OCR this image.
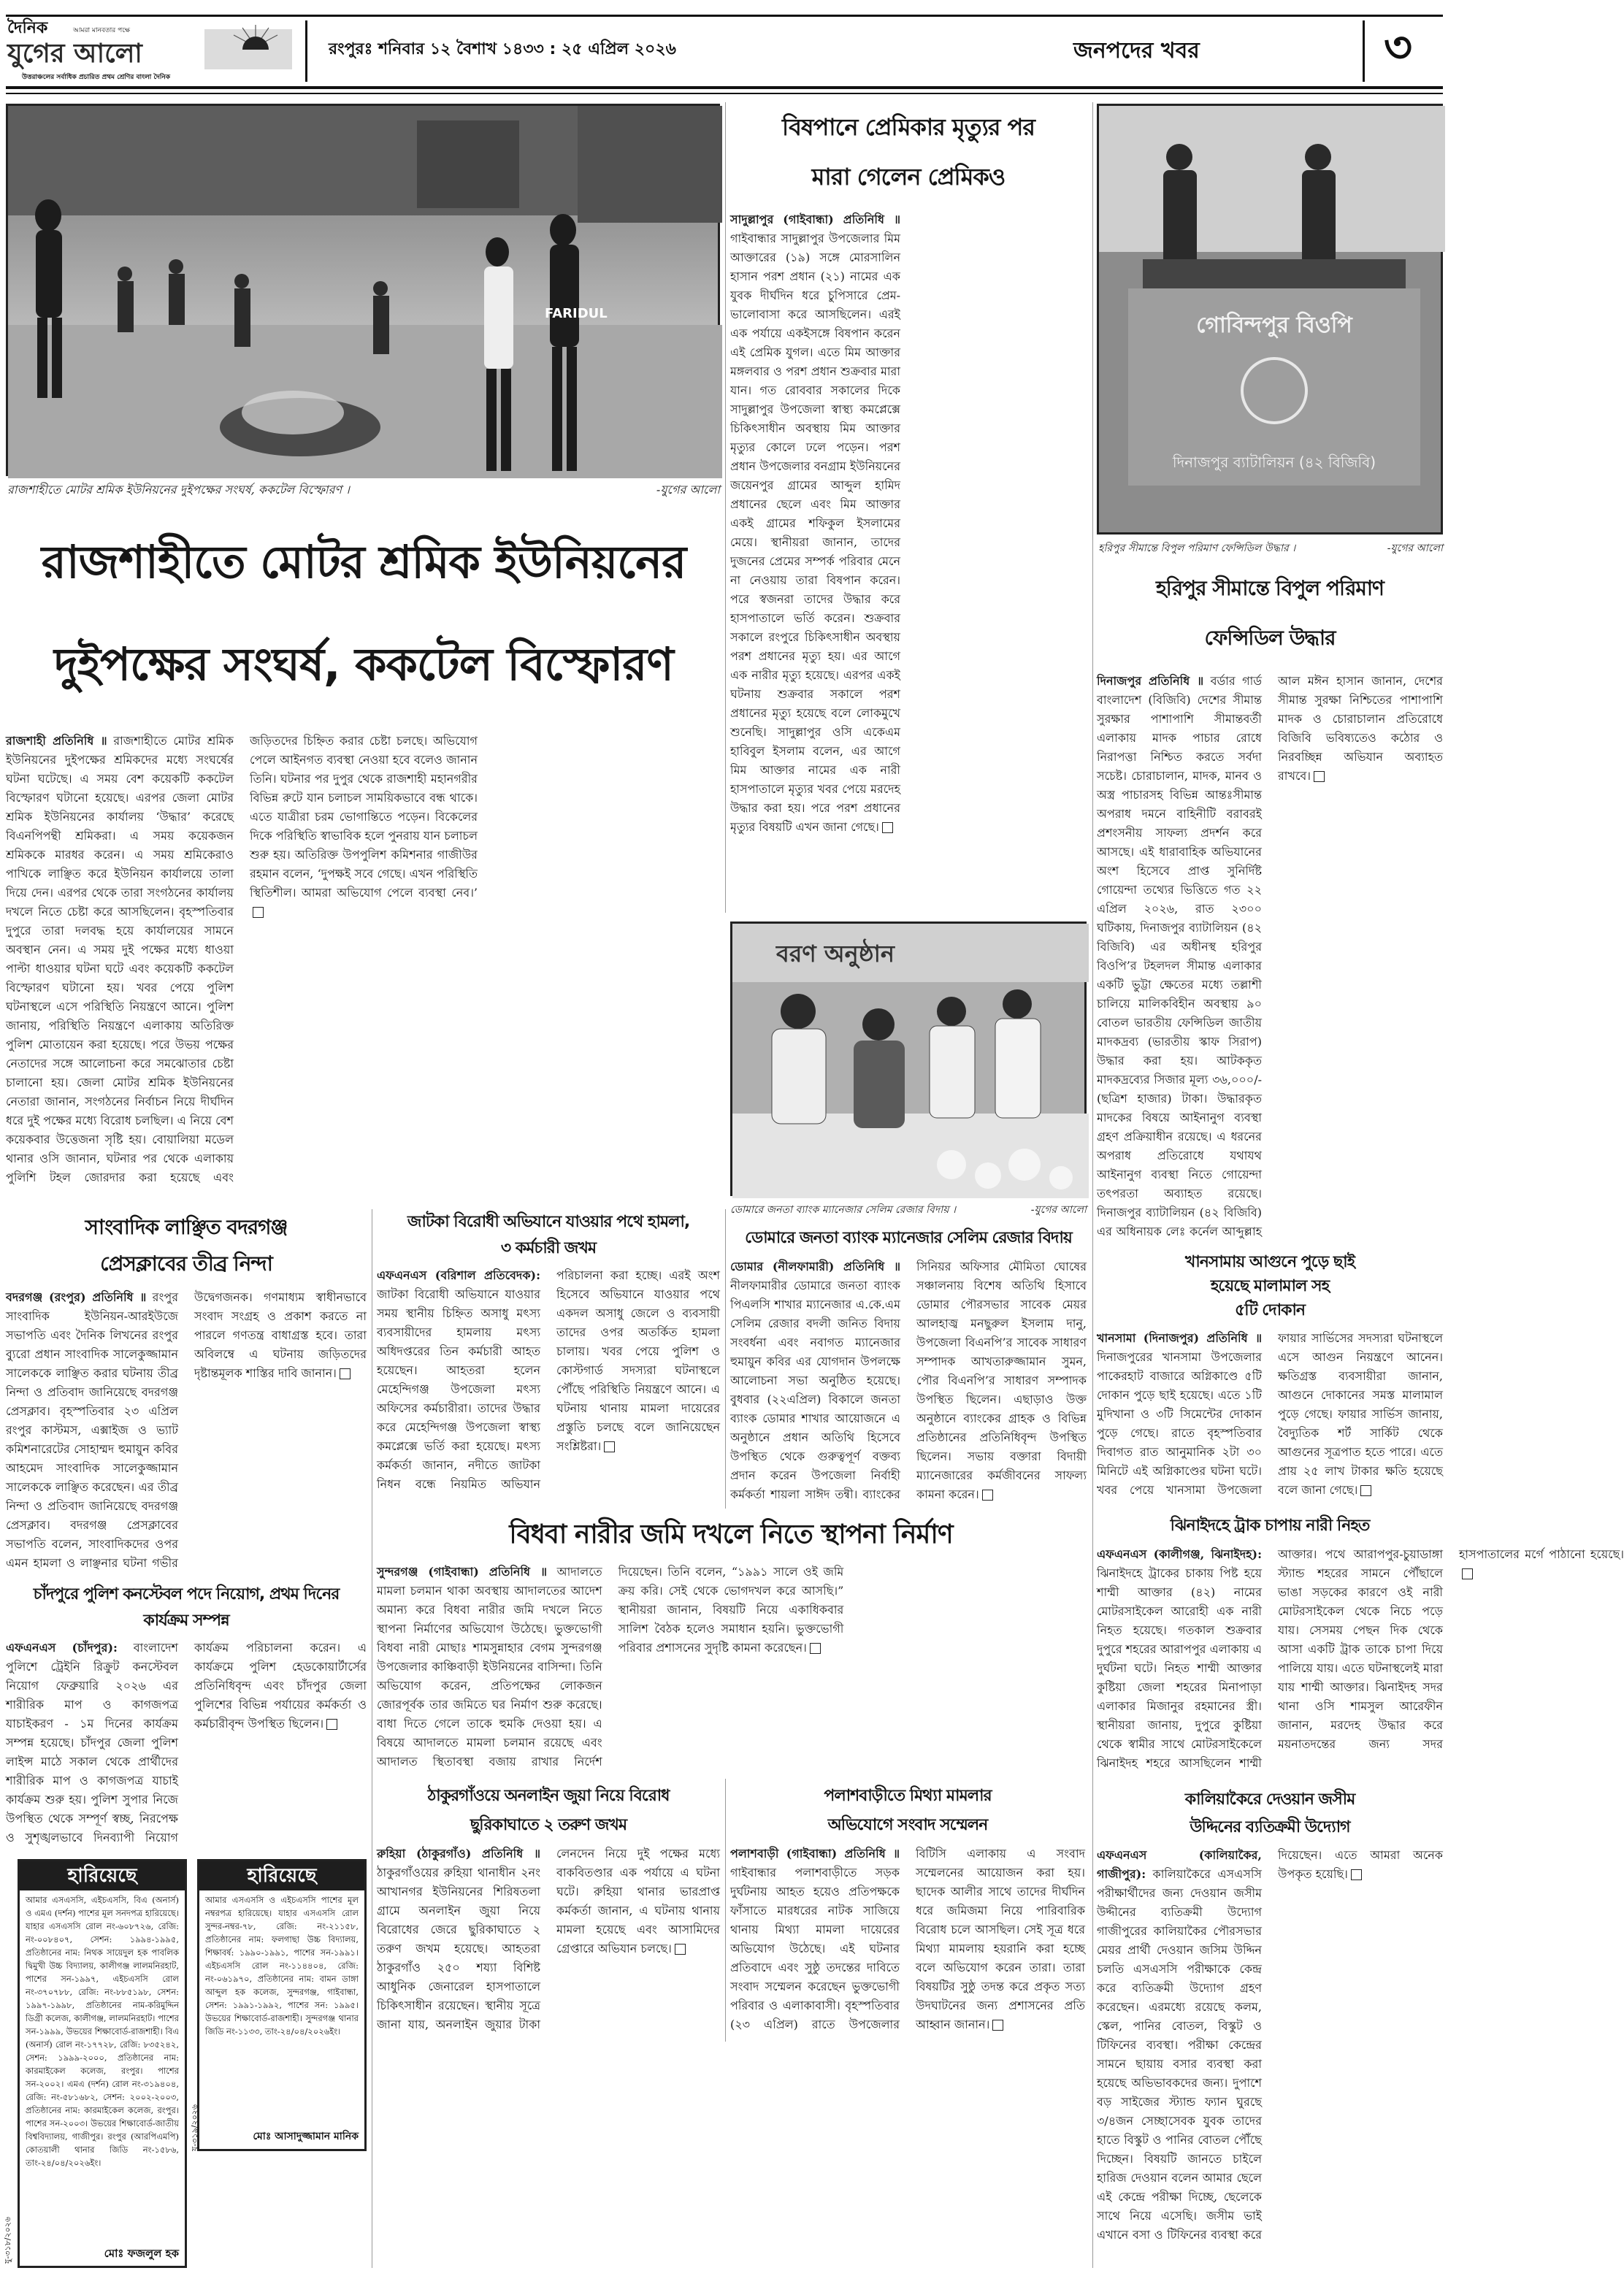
দৈনিক	আমরা মানবতার পক্ষে
যুগের আলো
উত্তরাঞ্চলের সর্বাধিক প্রচারিত প্রথম শ্রেণির বাংলা দৈনিক
রংপুরঃ শনিবার ১২ বৈশাখ ১৪৩৩ : ২৫ এপ্রিল ২০২৬	জনপদের খবর	৩
FARIDUL
রাজশাহীতে মোটর শ্রমিক ইউনিয়নের দুইপক্ষের সংঘর্ষ, ককটেল বিস্ফোরণ ।	-যুগের আলো
রাজশাহীতে মোটর শ্রমিক ইউনিয়নের
দুইপক্ষের সংঘর্ষ, ককটেল বিস্ফোরণ
রাজশাহী প্রতিনিধি ॥ রাজশাহীতে মোটর শ্রমিক ইউনিয়নের দুইপক্ষের শ্রমিকদের মধ্যে সংঘর্ষের ঘটনা ঘটেছে। এ সময় বেশ কয়েকটি ককটেল বিস্ফোরণ ঘটানো হয়েছে। এরপর জেলা মোটর শ্রমিক ইউনিয়নের কার্যালয় ‘উদ্ধার’ করেছে বিএনপিপন্থী শ্রমিকরা। এ সময় কয়েকজন শ্রমিককে মারধর করেন। এ সময় শ্রমিকেরাও পাখিকে লাঞ্ছিত করে ইউনিয়ন কার্যালয়ে তালা দিয়ে দেন। এরপর থেকে তারা সংগঠনের কার্যালয় দখলে নিতে চেষ্টা করে আসছিলেন। বৃহস্পতিবার দুপুরে তারা দলবদ্ধ হয়ে কার্যালয়ের সামনে অবস্থান নেন। এ সময় দুই পক্ষের মধ্যে ধাওয়া পাল্টা ধাওয়ার ঘটনা ঘটে এবং কয়েকটি ককটেল বিস্ফোরণ ঘটানো হয়। খবর পেয়ে পুলিশ ঘটনাস্থলে এসে পরিস্থিতি নিয়ন্ত্রণে আনে। পুলিশ জানায়, পরিস্থিতি নিয়ন্ত্রণে এলাকায় অতিরিক্ত পুলিশ মোতায়েন করা হয়েছে। পরে উভয় পক্ষের নেতাদের সঙ্গে আলোচনা করে সমঝোতার চেষ্টা চালানো হয়। জেলা মোটর শ্রমিক ইউনিয়নের নেতারা জানান, সংগঠনের নির্বাচন নিয়ে দীর্ঘদিন ধরে দুই পক্ষের মধ্যে বিরোধ চলছিল। এ নিয়ে বেশ কয়েকবার উত্তেজনা সৃষ্টি হয়। বোয়ালিয়া মডেল থানার ওসি জানান, ঘটনার পর থেকে এলাকায় পুলিশি টহল জোরদার করা হয়েছে এবং জড়িতদের চিহ্নিত করার চেষ্টা চলছে। অভিযোগ পেলে আইনগত ব্যবস্থা নেওয়া হবে বলেও জানান তিনি। ঘটনার পর দুপুর থেকে রাজশাহী মহানগরীর বিভিন্ন রুটে যান চলাচল সাময়িকভাবে বন্ধ থাকে। এতে যাত্রীরা চরম ভোগান্তিতে পড়েন। বিকেলের দিকে পরিস্থিতি স্বাভাবিক হলে পুনরায় যান চলাচল শুরু হয়। অতিরিক্ত উপপুলিশ কমিশনার গাজীউর রহমান বলেন, ‘দুপক্ষই সবে গেছে। এখন পরিস্থিতি স্থিতিশীল। আমরা অভিযোগ পেলে ব্যবস্থা নেব।’
বিষপানে প্রেমিকার মৃত্যুর পর
মারা গেলেন প্রেমিকও
সাদুল্লাপুর (গাইবান্ধা) প্রতিনিধি ॥ গাইবান্ধার সাদুল্লাপুর উপজেলার মিম আক্তারের (১৯) সঙ্গে মোরসালিন হাসান পরশ প্রধান (২১) নামের এক যুবক দীর্ঘদিন ধরে চুপিসারে প্রেম-ভালোবাসা করে আসছিলেন। এরই এক পর্যায়ে একইসঙ্গে বিষপান করেন এই প্রেমিক যুগল। এতে মিম আক্তার মঙ্গলবার ও পরশ প্রধান শুক্রবার মারা যান। গত রোববার সকালের দিকে সাদুল্লাপুর উপজেলা স্বাস্থ্য কমপ্লেক্সে চিকিৎসাধীন অবস্থায় মিম আক্তার মৃত্যুর কোলে ঢলে পড়েন। পরশ প্রধান উপজেলার বনগ্রাম ইউনিয়নের জয়েনপুর গ্রামের আব্দুল হামিদ প্রধানের ছেলে এবং মিম আক্তার একই গ্রামের শফিকুল ইসলামের মেয়ে। স্থানীয়রা জানান, তাদের দুজনের প্রেমের সম্পর্ক পরিবার মেনে না নেওয়ায় তারা বিষপান করেন। পরে স্বজনরা তাদের উদ্ধার করে হাসপাতালে ভর্তি করেন। শুক্রবার সকালে রংপুরে চিকিৎসাধীন অবস্থায় পরশ প্রধানের মৃত্যু হয়। এর আগে এক নারীর মৃত্যু হয়েছে। এরপর একই ঘটনায় শুক্রবার সকালে পরশ প্রধানের মৃত্যু হয়েছে বলে লোকমুখে শুনেছি। সাদুল্লাপুর ওসি একেএম হাবিবুল ইসলাম বলেন, এর আগে মিম আক্তার নামের এক নারী হাসপাতালে মৃত্যুর খবর পেয়ে মরদেহ উদ্ধার করা হয়। পরে পরশ প্রধানের মৃত্যুর বিষয়টি এখন জানা গেছে।
গোবিন্দপুর বিওপি
দিনাজপুর ব্যাটালিয়ন (৪২ বিজিবি)
হরিপুর সীমান্তে বিপুল পরিমাণ ফেন্সিডিল উদ্ধার ।	-যুগের আলো
হরিপুর সীমান্তে বিপুল পরিমাণ
ফেন্সিডিল উদ্ধার
দিনাজপুর প্রতিনিধি ॥ বর্ডার গার্ড বাংলাদেশ (বিজিবি) দেশের সীমান্ত সুরক্ষার পাশাপাশি সীমান্তবর্তী এলাকায় মাদক পাচার রোধে নিরাপত্তা নিশ্চিত করতে সর্বদা সচেষ্ট। চোরাচালান, মাদক, মানব ও অস্ত্র পাচারসহ বিভিন্ন আন্তঃসীমান্ত অপরাধ দমনে বাহিনীটি বরাবরই প্রশংসনীয় সাফল্য প্রদর্শন করে আসছে। এই ধারাবাহিক অভিযানের অংশ হিসেবে প্রাপ্ত সুনির্দিষ্ট গোয়েন্দা তথ্যের ভিত্তিতে গত ২২ এপ্রিল ২০২৬, রাত ২৩০০ ঘটিকায়, দিনাজপুর ব্যাটালিয়ন (৪২ বিজিবি) এর অধীনস্থ হরিপুর বিওপি’র টহলদল সীমান্ত এলাকার একটি ভুট্টা ক্ষেতের মধ্যে তল্লাশী চালিয়ে মালিকবিহীন অবস্থায় ৯০ বোতল ভারতীয় ফেন্সিডিল জাতীয় মাদকদ্রব্য (ভারতীয় স্কাফ সিরাপ) উদ্ধার করা হয়। আটককৃত মাদকদ্রব্যের সিজার মূল্য ৩৬,০০০/- (ছত্রিশ হাজার) টাকা। উদ্ধারকৃত মাদকের বিষয়ে আইনানুগ ব্যবস্থা গ্রহণ প্রক্রিয়াধীন রয়েছে। এ ধরনের অপরাধ প্রতিরোধে যথাযথ আইনানুগ ব্যবস্থা নিতে গোয়েন্দা তৎপরতা অব্যাহত রয়েছে। দিনাজপুর ব্যাটালিয়ন (৪২ বিজিবি) এর অধিনায়ক লেঃ কর্নেল আব্দুল্লাহ আল মঈন হাসান জানান, দেশের সীমান্ত সুরক্ষা নিশ্চিতের পাশাপাশি মাদক ও চোরাচালান প্রতিরোধে বিজিবি ভবিষ্যতেও কঠোর ও নিরবচ্ছিন্ন অভিযান অব্যাহত রাখবে।
বরণ অনুষ্ঠান
ডোমারে জনতা ব্যাংক ম্যানেজার সেলিম রেজার বিদায় ।	-যুগের আলো
খানসামায় আগুনে পুড়ে ছাই
হয়েছে মালামাল সহ
৫টি দোকান
খানসামা (দিনাজপুর) প্রতিনিধি ॥ দিনাজপুরের খানসামা উপজেলার পাকেরহাট বাজারে অগ্নিকাণ্ডে ৫টি দোকান পুড়ে ছাই হয়েছে। এতে ১টি মুদিখানা ও ৩টি সিমেন্টের দোকান পুড়ে গেছে। রাতে বৃহস্পতিবার দিবাগত রাত আনুমানিক ২টা ৩০ মিনিটে এই অগ্নিকাণ্ডের ঘটনা ঘটে। খবর পেয়ে খানসামা উপজেলা ফায়ার সার্ভিসের সদস্যরা ঘটনাস্থলে এসে আগুন নিয়ন্ত্রণে আনেন। ক্ষতিগ্রস্ত ব্যবসায়ীরা জানান, আগুনে দোকানের সমস্ত মালামাল পুড়ে গেছে। ফায়ার সার্ভিস জানায়, বৈদ্যুতিক শর্ট সার্কিট থেকে আগুনের সূত্রপাত হতে পারে। এতে প্রায় ২৫ লাখ টাকার ক্ষতি হয়েছে বলে জানা গেছে।
ঝিনাইদহে ট্রাক চাপায় নারী নিহত
এফএনএস (কালীগঞ্জ, ঝিনাইদহ): ঝিনাইদহে ট্রাকের চাকায় পিষ্ট হয়ে শাম্মী আক্তার (৪২) নামের মোটরসাইকেল আরোহী এক নারী নিহত হয়েছে। গতকাল শুক্রবার দুপুরে শহরের আরাপপুর এলাকায় এ দুর্ঘটনা ঘটে। নিহত শাম্মী আক্তার কুষ্টিয়া জেলা শহরের মিনাপাড়া এলাকার মিজানুর রহমানের স্ত্রী। স্থানীয়রা জানায়, দুপুরে কুষ্টিয়া থেকে স্বামীর সাথে মোটরসাইকেলে ঝিনাইদহ শহরে আসছিলেন শাম্মী আক্তার। পথে আরাপপুর-চুয়াডাঙ্গা স্ট্যান্ড শহরের সামনে পৌঁছালে ভাঙা সড়কের কারণে ওই নারী মোটরসাইকেল থেকে নিচে পড়ে যায়। সেসময় পেছন দিক থেকে আসা একটি ট্রাক তাকে চাপা দিয়ে পালিয়ে যায়। এতে ঘটনাস্থলেই মারা যায় শাম্মী আক্তার। ঝিনাইদহ সদর থানা ওসি শামসুল আরেফীন জানান, মরদেহ উদ্ধার করে ময়নাতদন্তের জন্য সদর হাসপাতালের মর্গে পাঠানো হয়েছে।
ডোমারে জনতা ব্যাংক ম্যানেজার সেলিম রেজার বিদায়
ডোমার (নীলফামারী) প্রতিনিধি ॥ নীলফামারীর ডোমারে জনতা ব্যাংক পিএলসি শাখার ম্যানেজার এ.কে.এম সেলিম রেজার বদলী জনিত বিদায় সংবর্ধনা এবং নবাগত ম্যানেজার হুমায়ুন কবির এর যোগদান উপলক্ষে আলোচনা সভা অনুষ্ঠিত হয়েছে। বুধবার (২২এপ্রিল) বিকালে জনতা ব্যাংক ডোমার শাখার আয়োজনে এ অনুষ্ঠানে প্রধান অতিথি হিসেবে উপস্থিত থেকে গুরুত্বপূর্ণ বক্তব্য প্রদান করেন উপজেলা নির্বাহী কর্মকর্তা শায়লা সাঈদ তন্বী। ব্যাংকের সিনিয়র অফিসার মৌমিতা ঘোষের সঞ্চালনায় বিশেষ অতিথি হিসাবে ডোমার পৌরসভার সাবেক মেয়র আলহাজ্ব মনছুরুল ইসলাম দানু, উপজেলা বিএনপি’র সাবেক সাধারণ সম্পাদক আখতারুজ্জামান সুমন, পৌর বিএনপি’র সাধারণ সম্পাদক উপস্থিত ছিলেন। এছাড়াও উক্ত অনুষ্ঠানে ব্যাংকের গ্রাহক ও বিভিন্ন প্রতিষ্ঠানের প্রতিনিধিবৃন্দ উপস্থিত ছিলেন। সভায় বক্তারা বিদায়ী ম্যানেজারের কর্মজীবনের সাফল্য কামনা করেন।
সাংবাদিক লাঞ্ছিত বদরগঞ্জ
প্রেসক্লাবের তীব্র নিন্দা
বদরগঞ্জ (রংপুর) প্রতিনিধি ॥ রংপুর সাংবাদিক ইউনিয়ন-আরইউজে সভাপতি এবং দৈনিক লিখনের রংপুর ব্যুরো প্রধান সাংবাদিক সালেকুজ্জামান সালেককে লাঞ্ছিত করার ঘটনায় তীব্র নিন্দা ও প্রতিবাদ জানিয়েছে বদরগঞ্জ প্রেসক্লাব। বৃহস্পতিবার ২৩ এপ্রিল রংপুর কাস্টমস, এক্সাইজ ও ভ্যাট কমিশনারেটের সোহাম্মদ হুমায়ুন কবির আহমেদ সাংবাদিক সালেকুজ্জামান সালেককে লাঞ্ছিত করেছেন। এর তীব্র নিন্দা ও প্রতিবাদ জানিয়েছে বদরগঞ্জ প্রেসক্লাব। বদরগঞ্জ প্রেসক্লাবের সভাপতি বলেন, সাংবাদিকদের ওপর এমন হামলা ও লাঞ্ছনার ঘটনা গভীর উদ্বেগজনক। গণমাধ্যম স্বাধীনভাবে সংবাদ সংগ্রহ ও প্রকাশ করতে না পারলে গণতন্ত্র বাধাগ্রস্ত হবে। তারা অবিলম্বে এ ঘটনায় জড়িতদের দৃষ্টান্তমূলক শাস্তির দাবি জানান।
চাঁদপুরে পুলিশ কনস্টেবল পদে নিয়োগ, প্রথম দিনের
কার্যক্রম সম্পন্ন
এফএনএস (চাঁদপুর): বাংলাদেশ পুলিশে ট্রেইনি রিক্রুট কনস্টেবল নিয়োগ ফেব্রুয়ারি ২০২৬ এর শারীরিক মাপ ও কাগজপত্র যাচাইকরণ - ১ম দিনের কার্যক্রম সম্পন্ন হয়েছে। চাঁদপুর জেলা পুলিশ লাইন্স মাঠে সকাল থেকে প্রার্থীদের শারীরিক মাপ ও কাগজপত্র যাচাই কার্যক্রম শুরু হয়। পুলিশ সুপার নিজে উপস্থিত থেকে সম্পূর্ণ স্বচ্ছ, নিরপেক্ষ ও সুশৃঙ্খলভাবে দিনব্যাপী নিয়োগ কার্যক্রম পরিচালনা করেন। এ কার্যক্রমে পুলিশ হেডকোয়ার্টার্সের প্রতিনিধিবৃন্দ এবং চাঁদপুর জেলা পুলিশের বিভিন্ন পর্যায়ের কর্মকর্তা ও কর্মচারীবৃন্দ উপস্থিত ছিলেন।
হারিয়েছে
আমার এসএসসি, এইচএসসি, বিএ (অনার্স) ও এমএ (দর্শন) পাশের মূল সনদপত্র হারিয়েছে। যাহার এসএসসি রোল নং-৬০৮৭২৬, রেজি: নং-০০৮৪০৭, সেশন: ১৯৯৪-১৯৯৫, প্রতিষ্ঠানের নাম: নিথক সায়েদুল হক পাবলিক দ্বিমুখী উচ্চ বিদ্যালয়, কালীগঞ্জ লালমনিরহাট, পাশের সন-১৯৯৭, এইচএসসি রোল নং-৩৭০৭৮৮, রেজি: নং-৮৮৫১৯৮, সেশন: ১৯৯৭-১৯৯৮, প্রতিষ্ঠানের নাম-করিমুদ্দিন ডিগ্রী কলেজ, কালীগঞ্জ, লালমনিরহাট। পাশের সন-১৯৯৯, উভয়ের শিক্ষাবোর্ড-রাজশাহী। বিএ (অনার্স) রোল নং-১৭৭২৮, রেজি: ৮৩৫২৪২, সেশন: ১৯৯৯-২০০০, প্রতিষ্ঠানের নাম: কারমাইকেল কলেজ, রংপুর। পাশের সন-২০০২। এমএ (দর্শন) রোল নং-৩১৯৪০৪, রেজি: নং-৫৮১৬৮২, সেশন: ২০০২-২০০৩, প্রতিষ্ঠানের নাম: কারমাইকেল কলেজ, রংপুর। পাশের সন-২০০৩। উভয়ের শিক্ষাবোর্ড-জাতীয় বিশ্ববিদ্যালয়, গাজীপুর। রংপুর (আরপিএমপি) কোতয়ালী থানার জিডি নং-১৫৮৬, তাং-২৪/০৪/২০২৬ইং।
মোঃ ফজলুল হক
যু-৩১৮/২০২৬
হারিয়েছে
আমার এসএসসি ও এইচএসসি পাশের মূল নম্বরপত্র হারিয়েছে। যাহার এসএসসি রোল সুন্দর-নম্বর-৭৮, রেজি: নং-২১১৫৮, প্রতিষ্ঠানের নাম: ফলগাছা উচ্চ বিদ্যালয়, শিক্ষাবর্ষ: ১৯৯০-১৯৯১, পাশের সন-১৯৯১। এইচএসসি রোল নং-১১৪৪০৪, রেজি: নং-০৬১৯৭০, প্রতিষ্ঠানের নাম: বামন ডাঙ্গা আব্দুল হক কলেজ, সুন্দরগঞ্জ, গাইবান্ধা, সেশন: ১৯৯১-১৯৯২, পাশের সন: ১৯৯৫। উভয়ের শিক্ষাবোর্ড-রাজশাহী। সুন্দরগঞ্জ থানার জিডি নং-১১৩৩, তাং-২৪/০৪/২০২৬ইং।
মোঃ আসাদুজ্জামান মানিক
যু-৩১৯/২০২৬
জাটকা বিরোধী অভিযানে যাওয়ার পথে হামলা,
৩ কর্মচারী জখম
এফএনএস (বরিশাল প্রতিবেদক): জাটকা বিরোধী অভিযানে যাওয়ার সময় স্থানীয় চিহ্নিত অসাধু মৎস্য ব্যবসায়ীদের হামলায় মৎস্য অধিদপ্তরের তিন কর্মচারী আহত হয়েছেন। আহতরা হলেন মেহেন্দিগঞ্জ উপজেলা মৎস্য অফিসের কর্মচারীরা। তাদের উদ্ধার করে মেহেন্দিগঞ্জ উপজেলা স্বাস্থ্য কমপ্লেক্সে ভর্তি করা হয়েছে। মৎস্য কর্মকর্তা জানান, নদীতে জাটকা নিধন বন্ধে নিয়মিত অভিযান পরিচালনা করা হচ্ছে। এরই অংশ হিসেবে অভিযানে যাওয়ার পথে একদল অসাধু জেলে ও ব্যবসায়ী তাদের ওপর অতর্কিত হামলা চালায়। খবর পেয়ে পুলিশ ও কোস্টগার্ড সদস্যরা ঘটনাস্থলে পৌঁছে পরিস্থিতি নিয়ন্ত্রণে আনে। এ ঘটনায় থানায় মামলা দায়েরের প্রস্তুতি চলছে বলে জানিয়েছেন সংশ্লিষ্টরা।
বিধবা নারীর জমি দখলে নিতে স্থাপনা নির্মাণ
সুন্দরগঞ্জ (গাইবান্ধা) প্রতিনিধি ॥ আদালতে মামলা চলমান থাকা অবস্থায় আদালতের আদেশ অমান্য করে বিধবা নারীর জমি দখলে নিতে স্থাপনা নির্মাণের অভিযোগ উঠেছে। ভুক্তভোগী বিধবা নারী মোছাঃ শামসুন্নাহার বেগম সুন্দরগঞ্জ উপজেলার কাঞ্চিবাড়ী ইউনিয়নের বাসিন্দা। তিনি অভিযোগ করেন, প্রতিপক্ষের লোকজন জোরপূর্বক তার জমিতে ঘর নির্মাণ শুরু করেছে। বাধা দিতে গেলে তাকে হুমকি দেওয়া হয়। এ বিষয়ে আদালতে মামলা চলমান রয়েছে এবং আদালত স্থিতাবস্থা বজায় রাখার নির্দেশ দিয়েছেন। তিনি বলেন, “১৯৯১ সালে ওই জমি ক্রয় করি। সেই থেকে ভোগদখল করে আসছি।” স্থানীয়রা জানান, বিষয়টি নিয়ে একাধিকবার সালিশ বৈঠক হলেও সমাধান হয়নি। ভুক্তভোগী পরিবার প্রশাসনের সুদৃষ্টি কামনা করেছেন।
ঠাকুরগাঁওয়ে অনলাইন জুয়া নিয়ে বিরোধ
ছুরিকাঘাতে ২ তরুণ জখম
রুহিয়া (ঠাকুরগাঁও) প্রতিনিধি ॥ ঠাকুরগাঁওয়ের রুহিয়া থানাধীন ২নং আখানগর ইউনিয়নের শিরিষতলা গ্রামে অনলাইন জুয়া নিয়ে বিরোধের জেরে ছুরিকাঘাতে ২ তরুণ জখম হয়েছে। আহতরা ঠাকুরগাঁও ২৫০ শয্যা বিশিষ্ট আধুনিক জেনারেল হাসপাতালে চিকিৎসাধীন রয়েছেন। স্থানীয় সূত্রে জানা যায়, অনলাইন জুয়ার টাকা লেনদেন নিয়ে দুই পক্ষের মধ্যে বাকবিতণ্ডার এক পর্যায়ে এ ঘটনা ঘটে। রুহিয়া থানার ভারপ্রাপ্ত কর্মকর্তা জানান, এ ঘটনায় থানায় মামলা হয়েছে এবং আসামিদের গ্রেপ্তারে অভিযান চলছে।
পলাশবাড়ীতে মিথ্যা মামলার
অভিযোগে সংবাদ সম্মেলন
পলাশবাড়ী (গাইবান্ধা) প্রতিনিধি ॥ গাইবান্ধার পলাশবাড়ীতে সড়ক দুর্ঘটনায় আহত হয়েও প্রতিপক্ষকে ফাঁসাতে মারধরের নাটক সাজিয়ে থানায় মিথ্যা মামলা দায়েরের অভিযোগ উঠেছে। এই ঘটনার প্রতিবাদে এবং সুষ্ঠু তদন্তের দাবিতে সংবাদ সম্মেলন করেছেন ভুক্তভোগী পরিবার ও এলাকাবাসী। বৃহস্পতিবার (২৩ এপ্রিল) রাতে উপজেলার বিটিসি এলাকায় এ সংবাদ সম্মেলনের আয়োজন করা হয়। ছাদেক আলীর সাথে তাদের দীর্ঘদিন ধরে জমিজমা নিয়ে পারিবারিক বিরোধ চলে আসছিল। সেই সূত্র ধরে মিথ্যা মামলায় হয়রানি করা হচ্ছে বলে অভিযোগ করেন তারা। তারা বিষয়টির সুষ্ঠু তদন্ত করে প্রকৃত সত্য উদঘাটনের জন্য প্রশাসনের প্রতি আহ্বান জানান।
কালিয়াকৈরে দেওয়ান জসীম
উদ্দিনের ব্যতিক্রমী উদ্যোগ
এফএনএস (কালিয়াকৈর, গাজীপুর): কালিয়াকৈরে এসএসসি পরীক্ষার্থীদের জন্য দেওয়ান জসীম উদ্দীনের ব্যতিক্রমী উদ্যোগ গাজীপুরের কালিয়াকৈর পৌরসভার মেয়র প্রার্থী দেওয়ান জসিম উদ্দিন চলতি এসএসসি পরীক্ষাকে কেন্দ্র করে ব্যতিক্রমী উদ্যোগ গ্রহণ করেছেন। এরমধ্যে রয়েছে কলম, স্কেল, পানির বোতল, বিস্কুট ও টিফিনের ব্যবস্থা। পরীক্ষা কেন্দ্রের সামনে ছায়ায় বসার ব্যবস্থা করা হয়েছে অভিভাবকদের জন্য। দুপাশে বড় সাইজের স্ট্যান্ড ফ্যান ঘুরছে ৩/৪জন সেচ্ছাসেবক যুবক তাদের হাতে বিস্কুট ও পানির বোতল পৌঁছে দিচ্ছেন। বিষয়টি জানতে চাইলে হারিজ দেওয়ান বলেন আমার ছেলে এই কেন্দ্রে পরীক্ষা দিচ্ছে, ছেলেকে সাথে নিয়ে এসেছি। জসীম ভাই এখানে বসা ও টিফিনের ব্যবস্থা করে দিয়েছেন। এতে আমরা অনেক উপকৃত হয়েছি।
